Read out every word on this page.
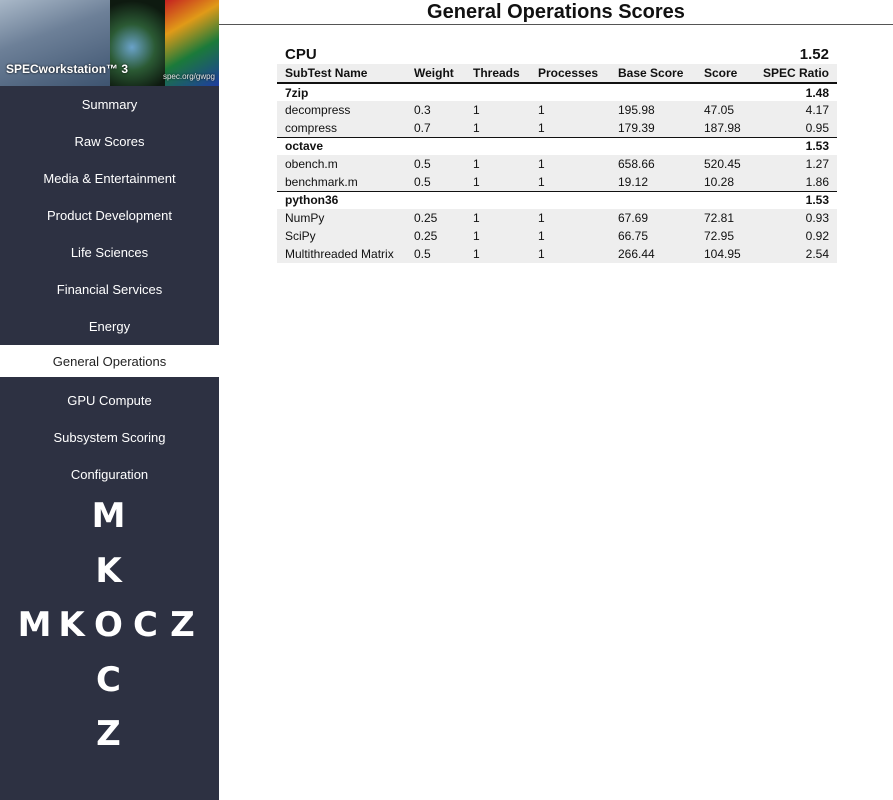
SPECworkstation™ 3
spec.org/gwpg
Summary
Raw Scores
Media & Entertainment
Product Development
Life Sciences
Financial Services
Energy
General Operations
GPU Compute
Subsystem Scoring
Configuration
M
K
M K O C Z
C
Z
General Operations Scores
CPU	1.52
SubTest Name	Weight	Threads	Processes	Base Score	Score	SPEC Ratio
7zip						1.48
decompress	0.3	1	1	195.98	47.05	4.17
compress	0.7	1	1	179.39	187.98	0.95
octave						1.53
obench.m	0.5	1	1	658.66	520.45	1.27
benchmark.m	0.5	1	1	19.12	10.28	1.86
python36						1.53
NumPy	0.25	1	1	67.69	72.81	0.93
SciPy	0.25	1	1	66.75	72.95	0.92
Multithreaded Matrix	0.5	1	1	266.44	104.95	2.54
